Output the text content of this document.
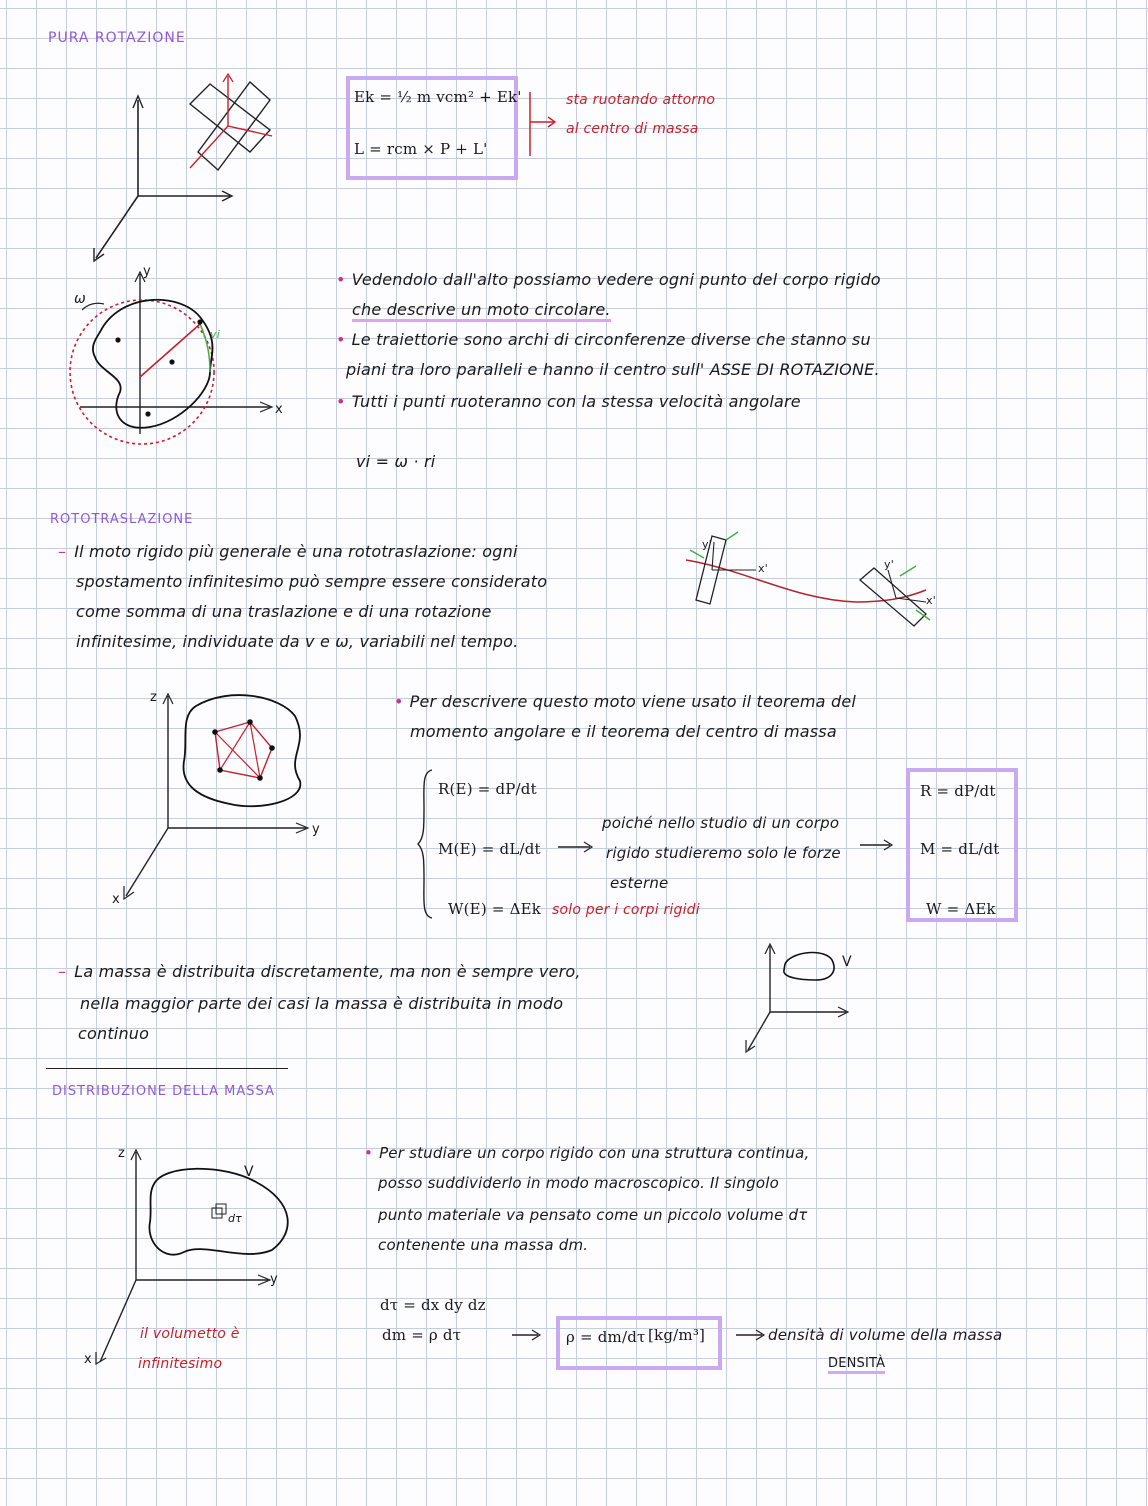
PURA ROTAZIONE
Ek = ½ m vcm² + Ek'
L = rcm × P + L'
sta ruotando attorno
al centro di massa
y
x
ω
vi
• Vedendolo dall'alto possiamo vedere ogni punto del corpo rigido
che descrive un moto circolare.
• Le traiettorie sono archi di circonferenze diverse che stanno su
piani tra loro paralleli e hanno il centro sull' ASSE DI ROTAZIONE.
• Tutti i punti ruoteranno con la stessa velocità angolare
vi = ω · ri
ROTOTRASLAZIONE
– Il moto rigido più generale è una rototraslazione: ogni
spostamento infinitesimo può sempre essere considerato
come somma di una traslazione e di una rotazione
infinitesime, individuate da v e ω, variabili nel tempo.
y'
x'	y'
x'
z
y
x
• Per descrivere questo moto viene usato il teorema del
momento angolare e il teorema del centro di massa
R(E) = dP/dt
M(E) = dL/dt
W(E) = ΔEk solo per i corpi rigidi
poiché nello studio di un corpo
rigido studieremo solo le forze
esterne
R = dP/dt
M = dL/dt
W = ΔEk
– La massa è distribuita discretamente, ma non è sempre vero,
nella maggior parte dei casi la massa è distribuita in modo
continuo
V
DISTRIBUZIONE DELLA MASSA
z
y
x
V
dτ
il volumetto è
infinitesimo
• Per studiare un corpo rigido con una struttura continua,
posso suddividerlo in modo macroscopico. Il singolo
punto materiale va pensato come un piccolo volume dτ
contenente una massa dm.
dτ = dx dy dz
dm = ρ dτ	ρ = dm/dτ [kg/m³]	densità di volume della massa
DENSITÀ
